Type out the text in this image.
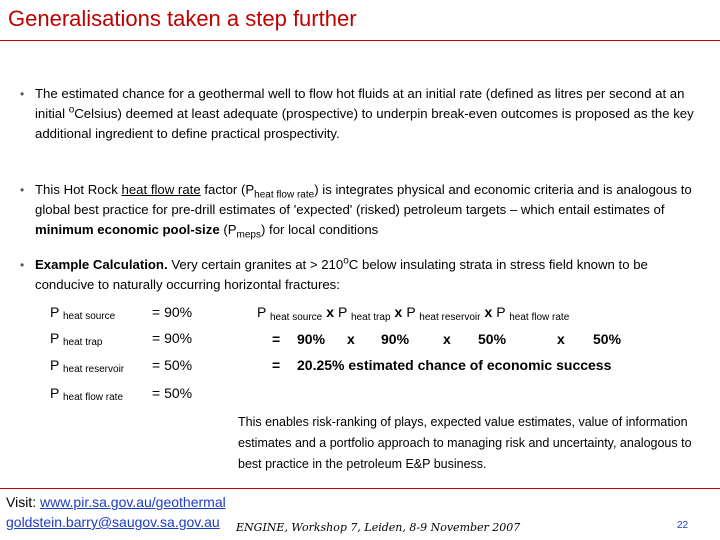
Generalisations taken a step further
• The estimated chance for a geothermal well to flow hot fluids at an initial rate (defined as litres per second at an initial $^o$Celsius) deemed at least adequate (prospective) to underpin break-even outcomes is proposed as the key additional ingredient to define practical prospectivity.
• This Hot Rock heat flow rate factor $(P_{heat flow rate})$ is integrates physical and economic criteria and is analogous to global best practice for pre-drill estimates of 'expected' (risked) petroleum targets – which entail estimates of minimum economic pool-size $(P_{meps})$ for local conditions
• Example Calculation. Very certain granites at > $210^oC$ below insulating strata in stress field known to be conducive to naturally occurring horizontal fractures:
P $_{heat source}$	= 90%
P $_{heat trap}$	= 90%
P $_{heat reservoir}$ = 50%
P $_{heat flow rate}$ = 50%
P $_{heat source}$ x P $_{heat trap}$ x P $_{heat reservoir}$ x P $_{heat flow rate}$
= 90% x 90% x 50%	x 50%
= 20.25% estimated chance of economic success
This enables risk-ranking of plays, expected value estimates, value of information estimates and a portfolio approach to managing risk and uncertainty, analogous to best practice in the petroleum E&P business.
Visit: www.pir.sa.gov.au/geothermal
goldstein.barry@saugov.sa.gov.au ENGINE, Workshop 7, Leiden, 8-9 November 2007	22
